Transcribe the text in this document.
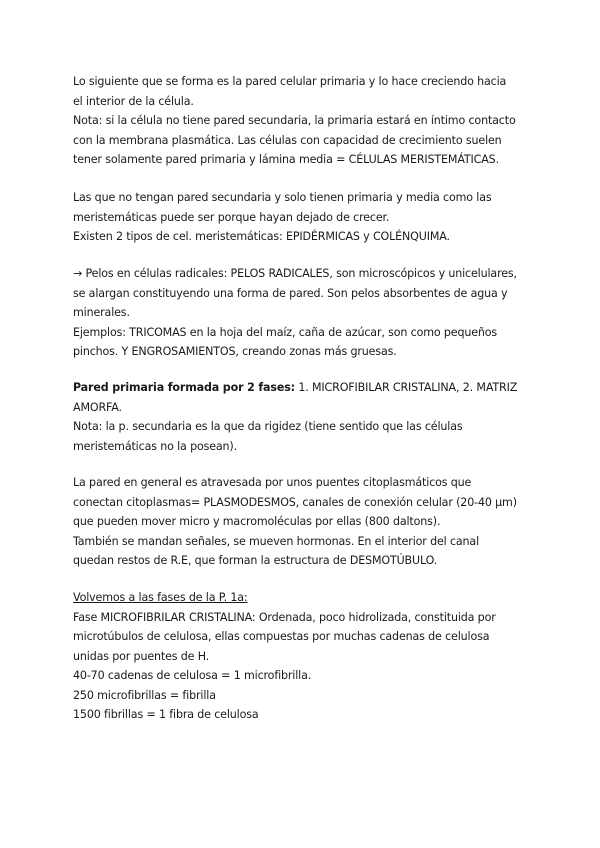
Lo siguiente que se forma es la pared celular primaria y lo hace creciendo hacia
el interior de la célula.
Nota: si la célula no tiene pared secundaria, la primaria estará en íntimo contacto
con la membrana plasmática. Las células con capacidad de crecimiento suelen
tener solamente pared primaria y lámina media = CÉLULAS MERISTEMÁTICAS.
Las que no tengan pared secundaria y solo tienen primaria y media como las
meristemáticas puede ser porque hayan dejado de crecer.
Existen 2 tipos de cel. meristemáticas: EPIDÉRMICAS y COLÉNQUIMA.
→ Pelos en células radicales: PELOS RADICALES, son microscópicos y unicelulares,
se alargan constituyendo una forma de pared. Son pelos absorbentes de agua y
minerales.
Ejemplos: TRICOMAS en la hoja del maíz, caña de azúcar, son como pequeños
pinchos. Y ENGROSAMIENTOS, creando zonas más gruesas.
Pared primaria formada por 2 fases: 1. MICROFIBILAR CRISTALINA, 2. MATRIZ
AMORFA.
Nota: la p. secundaria es la que da rigidez (tiene sentido que las células
meristemáticas no la posean).
La pared en general es atravesada por unos puentes citoplasmáticos que
conectan citoplasmas= PLASMODESMOS, canales de conexión celular (20-40 µm)
que pueden mover micro y macromoléculas por ellas (800 daltons).
También se mandan señales, se mueven hormonas. En el interior del canal
quedan restos de R.E, que forman la estructura de DESMOTÚBULO.
Volvemos a las fases de la P. 1a:
Fase MICROFIBRILAR CRISTALINA: Ordenada, poco hidrolizada, constituida por
microtúbulos de celulosa, ellas compuestas por muchas cadenas de celulosa
unidas por puentes de H.
40-70 cadenas de celulosa = 1 microfibrilla.
250 microfibrillas = fibrilla
1500 fibrillas = 1 fibra de celulosa
